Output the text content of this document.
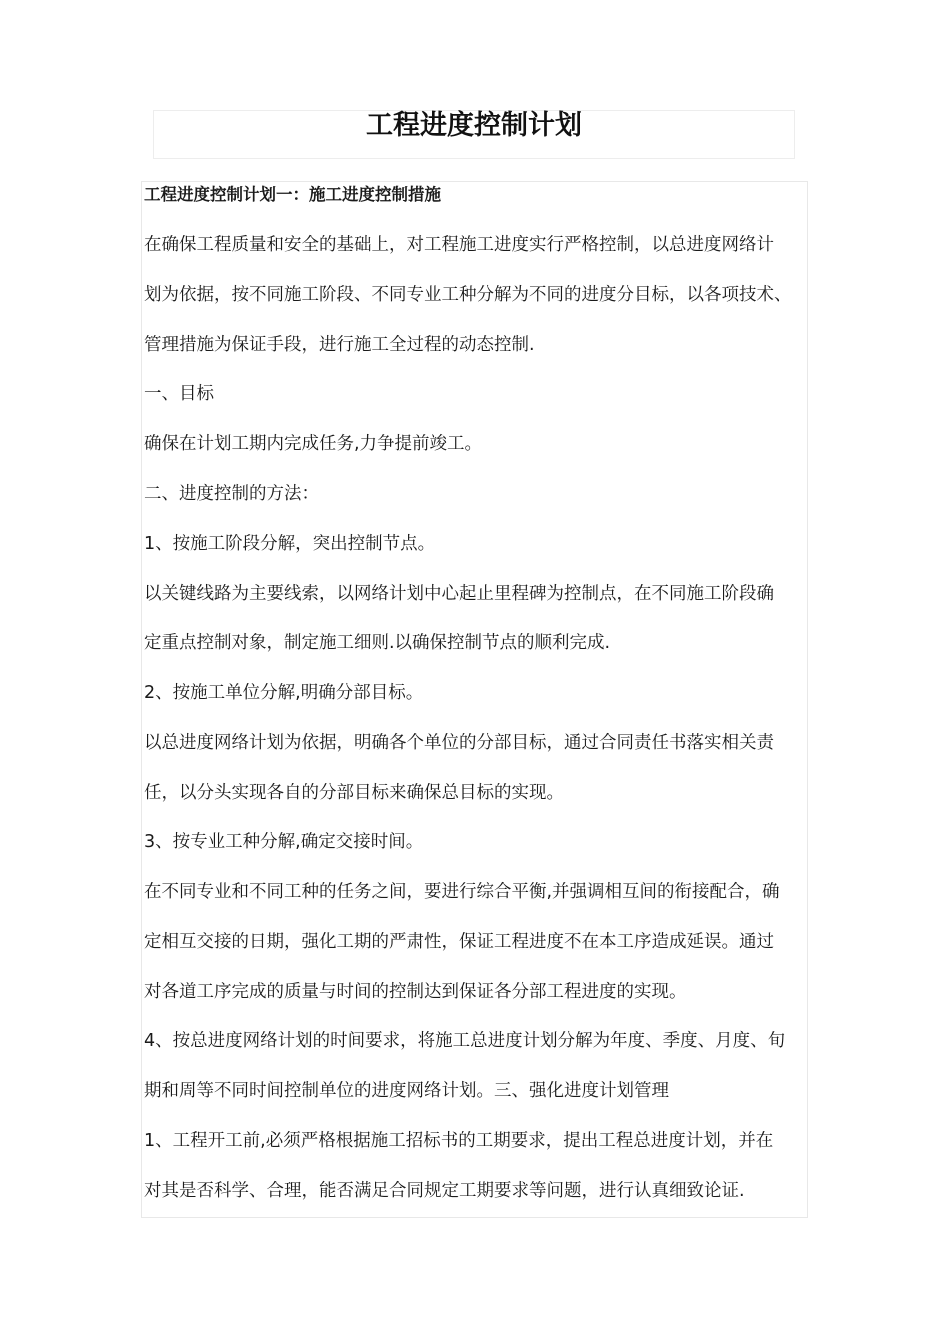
工程进度控制计划

工程进度控制计划一：施工进度控制措施

在确保工程质量和安全的基础上，对工程施工进度实行严格控制，以总进度网络计

划为依据，按不同施工阶段、不同专业工种分解为不同的进度分目标，以各项技术、

管理措施为保证手段，进行施工全过程的动态控制.

一、目标

确保在计划工期内完成任务,力争提前竣工。

二、进度控制的方法：

1、按施工阶段分解，突出控制节点。

以关键线路为主要线索，以网络计划中心起止里程碑为控制点，在不同施工阶段确

定重点控制对象，制定施工细则.以确保控制节点的顺利完成.

2、按施工单位分解,明确分部目标。

以总进度网络计划为依据，明确各个单位的分部目标，通过合同责任书落实相关责

任，以分头实现各自的分部目标来确保总目标的实现。

3、按专业工种分解,确定交接时间。

在不同专业和不同工种的任务之间，要进行综合平衡,并强调相互间的衔接配合，确

定相互交接的日期，强化工期的严肃性，保证工程进度不在本工序造成延误。通过

对各道工序完成的质量与时间的控制达到保证各分部工程进度的实现。

4、按总进度网络计划的时间要求，将施工总进度计划分解为年度、季度、月度、旬

期和周等不同时间控制单位的进度网络计划。三、强化进度计划管理

1、工程开工前,必须严格根据施工招标书的工期要求，提出工程总进度计划，并在

对其是否科学、合理，能否满足合同规定工期要求等问题，进行认真细致论证.
